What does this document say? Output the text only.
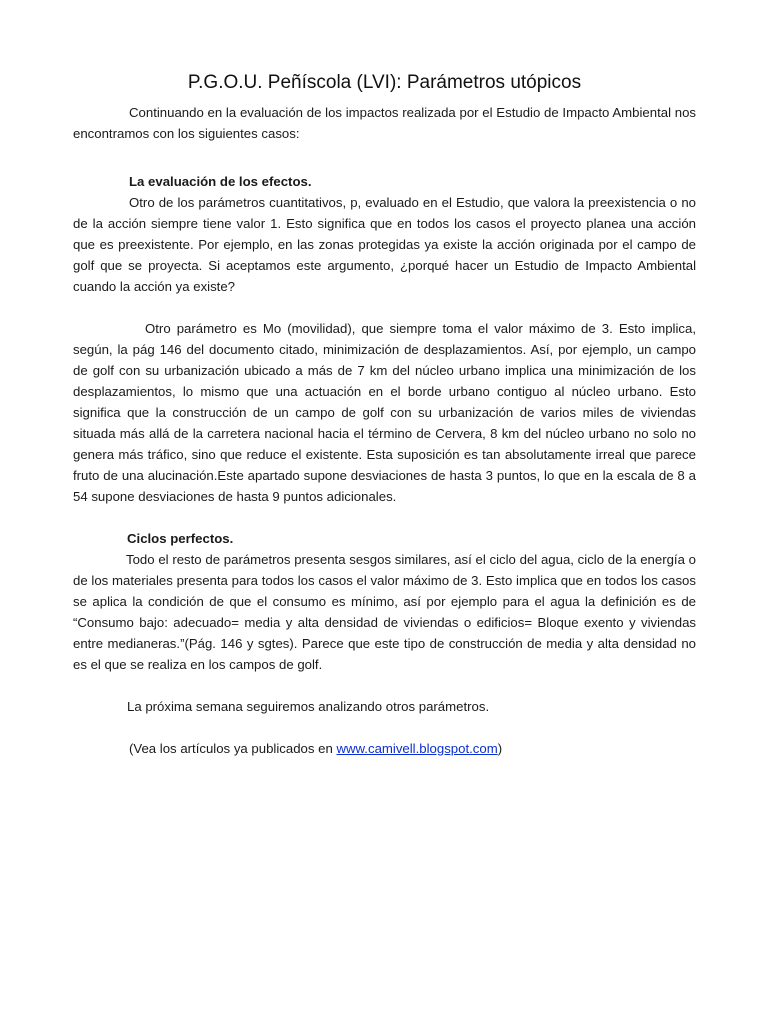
P.G.O.U. Peñíscola (LVI): Parámetros utópicos

Continuando en la evaluación de los impactos realizada por el Estudio de Impacto Ambiental nos encontramos con los siguientes casos:

La evaluación de los efectos.

Otro de los parámetros cuantitativos, p, evaluado en el Estudio, que valora la preexistencia o no de la acción siempre tiene valor 1. Esto significa que en todos los casos el proyecto planea una acción que es preexistente. Por ejemplo, en las zonas protegidas ya existe la acción originada por el campo de golf que se proyecta. Si aceptamos este argumento, ¿porqué hacer un Estudio de Impacto Ambiental cuando la acción ya existe?

Otro parámetro es Mo (movilidad), que siempre toma el valor máximo de 3. Esto implica, según, la pág 146 del documento citado, minimización de desplazamientos. Así, por ejemplo, un campo de golf con su urbanización ubicado a más de 7 km del núcleo urbano implica una minimización de los desplazamientos, lo mismo que una actuación en el borde urbano contiguo al núcleo urbano. Esto significa que la construcción de un campo de golf con su urbanización de varios miles de viviendas situada más allá de la carretera nacional hacia el término de Cervera, 8 km del núcleo urbano no solo no genera más tráfico, sino que reduce el existente. Esta suposición es tan absolutamente irreal que parece fruto de una alucinación.Este apartado supone desviaciones de hasta 3 puntos, lo que en la escala de 8 a 54 supone desviaciones de hasta 9 puntos adicionales.

Ciclos perfectos.

Todo el resto de parámetros presenta sesgos similares, así el ciclo del agua, ciclo de la energía o de los materiales presenta para todos los casos el valor máximo de 3. Esto implica que en todos los casos se aplica la condición de que el consumo es mínimo, así por ejemplo para el agua la definición es de “Consumo bajo: adecuado= media y alta densidad de viviendas o edificios= Bloque exento y viviendas entre medianeras.”(Pág. 146 y sgtes). Parece que este tipo de construcción de media y alta densidad no es el que se realiza en los campos de golf.

La próxima semana seguiremos analizando otros parámetros.

(Vea los artículos ya publicados en www.camivell.blogspot.com)
